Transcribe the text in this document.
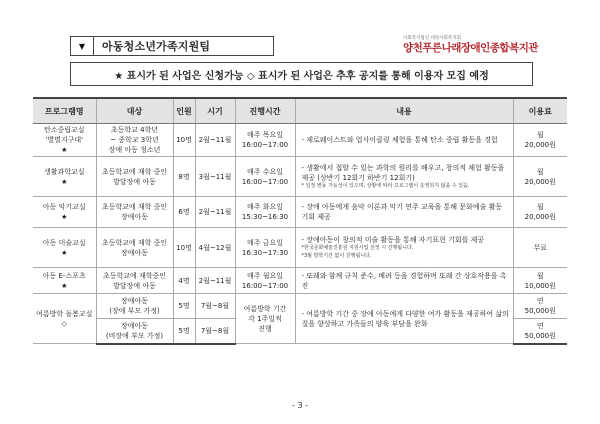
▼	아동청소년가족지원팀
사회복지법인 대한사회복지회
양천푸른나래장애인종합복지관
★ 표시가 된 사업은 신청가능 ◇ 표시가 된 사업은 추후 공지를 통해 이용자 모집 예정
프로그램명	대상	인원	시기	진행시간	내용	이용료

탄소중립교실
'별별지구대'
★	초등학교 4학년
~ 중학교 3학년
장애 아동 청소년	10명	2월~11월	매주 목요일
16:00~17:00	- 제로웨이스트와 업사이클링 체험을 통해 탄소 중립 활동을 경험	월
20,000원

생활과학교실
★	초등학교에 재학 중인
발달장애 아동	8명	3월~11월	매주 수요일
16:00~17:00	- 생활에서 접할 수 있는 과학의 원리를 배우고, 창의적 체험 활동을
제공 (상반기 12회기 하반기 12회기)
* 일정 변동 가능성이 있으며, 상황에 따라 프로그램이 운영되지 않을 수 있음.	월
20,000원

아동 악기교실
★	초등학교에 재학 중인
장애아동	6명	2월~11월	매주 화요일
15:30~16:30	- 장애 아동에게 음악 이론과 악기 연주 교육을 통해 문화예술 활동
기회 제공	월
20,000원

아동 미술교실
★	초등학교에 재학 중인
장애아동	10명	4월~12월	매주 금요일
16:30~17:30	- 장애아동이 창의적 미술 활동을 통해 자기표현 기회를 제공
*한국문화예술진흥원 지원사업 선정 시 진행됩니다.
*3월 방학기간 없이 진행됩니다.	무료

아동 E-스포츠
★	초등학교에 재학중인
발달장애 아동	4명	2월~11월	매주 월요일
16:00~17:00	- 또래와 함께 규칙 준수, 배려 등을 경험하며 또래 간 상호작용을 촉진	월
10,000원

여름방학 돌봄교실
◇	장애아동
(장애 부모 가정)	5명	7월~8월	여름방학 기간
각 1주일씩
진행	- 여름방학 기간 중 장애 아동에게 다양한 여가 활동을 제공하여 삶의
질을 향상하고 가족들의 양육 부담을 완화	연
50,000원

	장애아동
(비장애 부모 가정)	5명	7월~8월			연
50,000원
- 3 -
